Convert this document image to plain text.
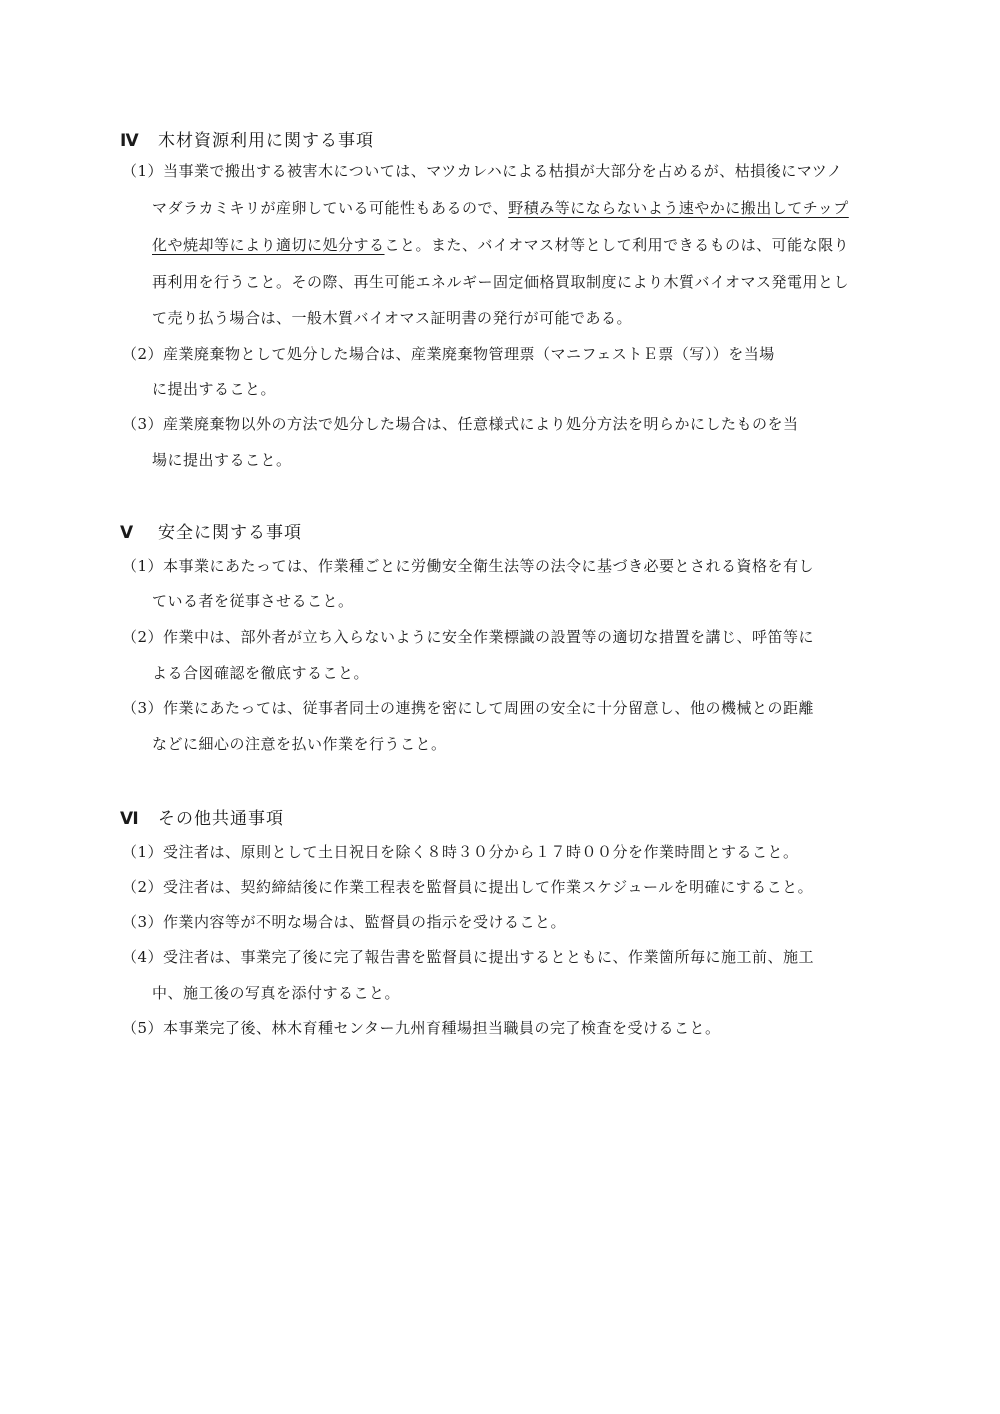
Ⅳ 木材資源利用に関する事項
（1）当事業で搬出する被害木については、マツカレハによる枯損が大部分を占めるが、枯損後にマツノ
マダラカミキリが産卵している可能性もあるので、野積み等にならないよう速やかに搬出してチップ
化や焼却等により適切に処分すること。また、バイオマス材等として利用できるものは、可能な限り
再利用を行うこと。その際、再生可能エネルギー固定価格買取制度により木質バイオマス発電用とし
て売り払う場合は、一般木質バイオマス証明書の発行が可能である。
（2）産業廃棄物として処分した場合は、産業廃棄物管理票（マニフェストＥ票（写））を当場
に提出すること。
（3）産業廃棄物以外の方法で処分した場合は、任意様式により処分方法を明らかにしたものを当
場に提出すること。
Ⅴ 安全に関する事項
（1）本事業にあたっては、作業種ごとに労働安全衛生法等の法令に基づき必要とされる資格を有し
ている者を従事させること。
（2）作業中は、部外者が立ち入らないように安全作業標識の設置等の適切な措置を講じ、呼笛等に
よる合図確認を徹底すること。
（3）作業にあたっては、従事者同士の連携を密にして周囲の安全に十分留意し、他の機械との距離
などに細心の注意を払い作業を行うこと。
Ⅵ その他共通事項
（1）受注者は、原則として土日祝日を除く８時３０分から１７時００分を作業時間とすること。
（2）受注者は、契約締結後に作業工程表を監督員に提出して作業スケジュールを明確にすること。
（3）作業内容等が不明な場合は、監督員の指示を受けること。
（4）受注者は、事業完了後に完了報告書を監督員に提出するとともに、作業箇所毎に施工前、施工
中、施工後の写真を添付すること。
（5）本事業完了後、林木育種センター九州育種場担当職員の完了検査を受けること。
